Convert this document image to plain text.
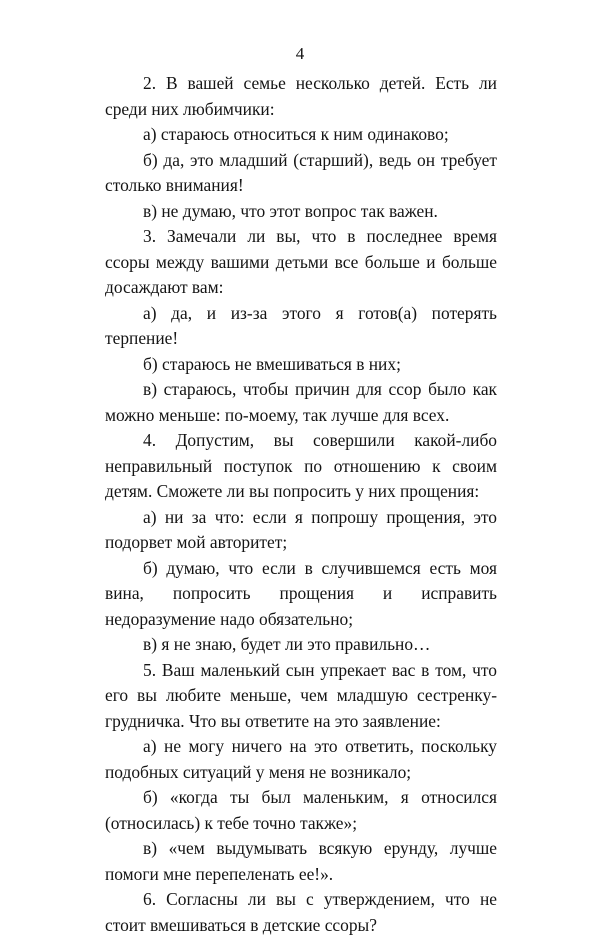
4

2. В вашей семье несколько детей. Есть ли среди них любимчики:

а) стараюсь относиться к ним одинаково;

б) да, это младший (старший), ведь он требует столько внимания!

в) не думаю, что этот вопрос так важен.

3. Замечали ли вы, что в последнее время ссоры между вашими детьми все больше и больше досаждают вам:

а) да, и из-за этого я готов(а) потерять терпение!

б) стараюсь не вмешиваться в них;

в) стараюсь, чтобы причин для ссор было как можно меньше: по-моему, так лучше для всех.

4. Допустим, вы совершили какой-либо неправильный поступок по отношению к своим детям. Сможете ли вы попросить у них прощения:

а) ни за что: если я попрошу прощения, это подорвет мой авторитет;

б) думаю, что если в случившемся есть моя вина, попросить прощения и исправить недоразумение надо обязательно;

в) я не знаю, будет ли это правильно…

5. Ваш маленький сын упрекает вас в том, что его вы любите меньше, чем младшую сестренку-грудничка. Что вы ответите на это заявление:

а) не могу ничего на это ответить, поскольку подобных ситуаций у меня не возникало;

б) «когда ты был маленьким, я относился (относилась) к тебе точно также»;

в) «чем выдумывать всякую ерунду, лучше помоги мне перепеленать ее!».

6. Согласны ли вы с утверждением, что не стоит вмешиваться в детские ссоры?
